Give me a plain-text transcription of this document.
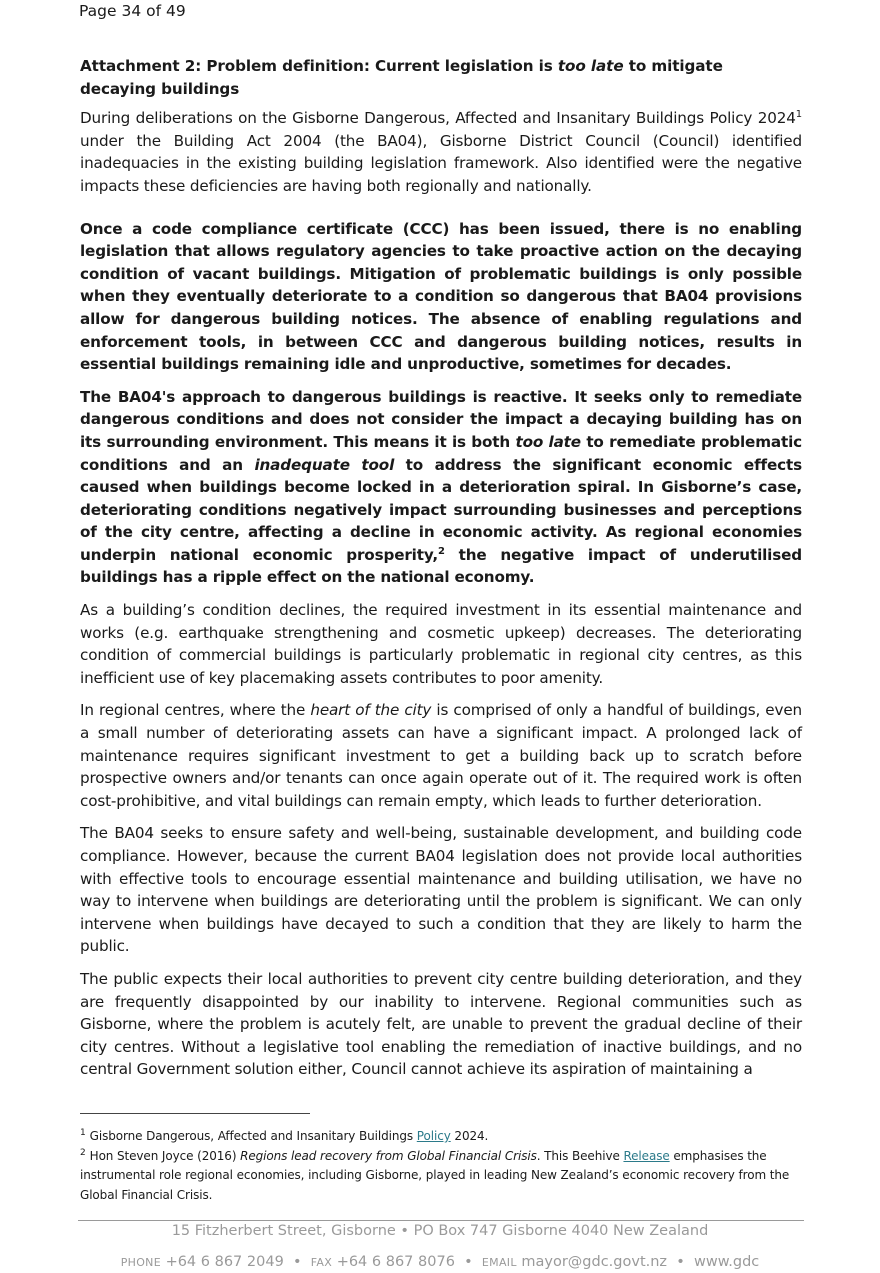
Page 34 of 49
Attachment 2: Problem definition: Current legislation is too late to mitigate decaying buildings

During deliberations on the Gisborne Dangerous, Affected and Insanitary Buildings Policy 2024$^1$ under the Building Act 2004 (the BA04), Gisborne District Council (Council) identified inadequacies in the existing building legislation framework. Also identified were the negative impacts these deficiencies are having both regionally and nationally.

Once a code compliance certificate (CCC) has been issued, there is no enabling legislation that allows regulatory agencies to take proactive action on the decaying condition of vacant buildings. Mitigation of problematic buildings is only possible when they eventually deteriorate to a condition so dangerous that BA04 provisions allow for dangerous building notices. The absence of enabling regulations and enforcement tools, in between CCC and dangerous building notices, results in essential buildings remaining idle and unproductive, sometimes for decades.

The BA04's approach to dangerous buildings is reactive. It seeks only to remediate dangerous conditions and does not consider the impact a decaying building has on its surrounding environment. This means it is both too late to remediate problematic conditions and an inadequate tool to address the significant economic effects caused when buildings become locked in a deterioration spiral. In Gisborne’s case, deteriorating conditions negatively impact surrounding businesses and perceptions of the city centre, affecting a decline in economic activity. As regional economies underpin national economic prosperity,$^2$ the negative impact of underutilised buildings has a ripple effect on the national economy.

As a building’s condition declines, the required investment in its essential maintenance and works (e.g. earthquake strengthening and cosmetic upkeep) decreases. The deteriorating condition of commercial buildings is particularly problematic in regional city centres, as this inefficient use of key placemaking assets contributes to poor amenity.

In regional centres, where the heart of the city is comprised of only a handful of buildings, even a small number of deteriorating assets can have a significant impact. A prolonged lack of maintenance requires significant investment to get a building back up to scratch before prospective owners and/or tenants can once again operate out of it. The required work is often cost-prohibitive, and vital buildings can remain empty, which leads to further deterioration.

The BA04 seeks to ensure safety and well-being, sustainable development, and building code compliance. However, because the current BA04 legislation does not provide local authorities with effective tools to encourage essential maintenance and building utilisation, we have no way to intervene when buildings are deteriorating until the problem is significant. We can only intervene when buildings have decayed to such a condition that they are likely to harm the public.

The public expects their local authorities to prevent city centre building deterioration, and they are frequently disappointed by our inability to intervene. Regional communities such as Gisborne, where the problem is acutely felt, are unable to prevent the gradual decline of their city centres. Without a legislative tool enabling the remediation of inactive buildings, and no central Government solution either, Council cannot achieve its aspiration of maintaining a

$^1$ Gisborne Dangerous, Affected and Insanitary Buildings Policy 2024.

$^2$ Hon Steven Joyce (2016) Regions lead recovery from Global Financial Crisis. This Beehive Release emphasises the instrumental role regional economies, including Gisborne, played in leading New Zealand’s economic recovery from the Global Financial Crisis.

15 Fitzherbert Street, Gisborne • PO Box 747 Gisborne 4040 New Zealand
PHONE +64 6 867 2049 • FAX +64 6 867 8076 • EMAIL mayor@gdc.govt.nz • www.gdc
